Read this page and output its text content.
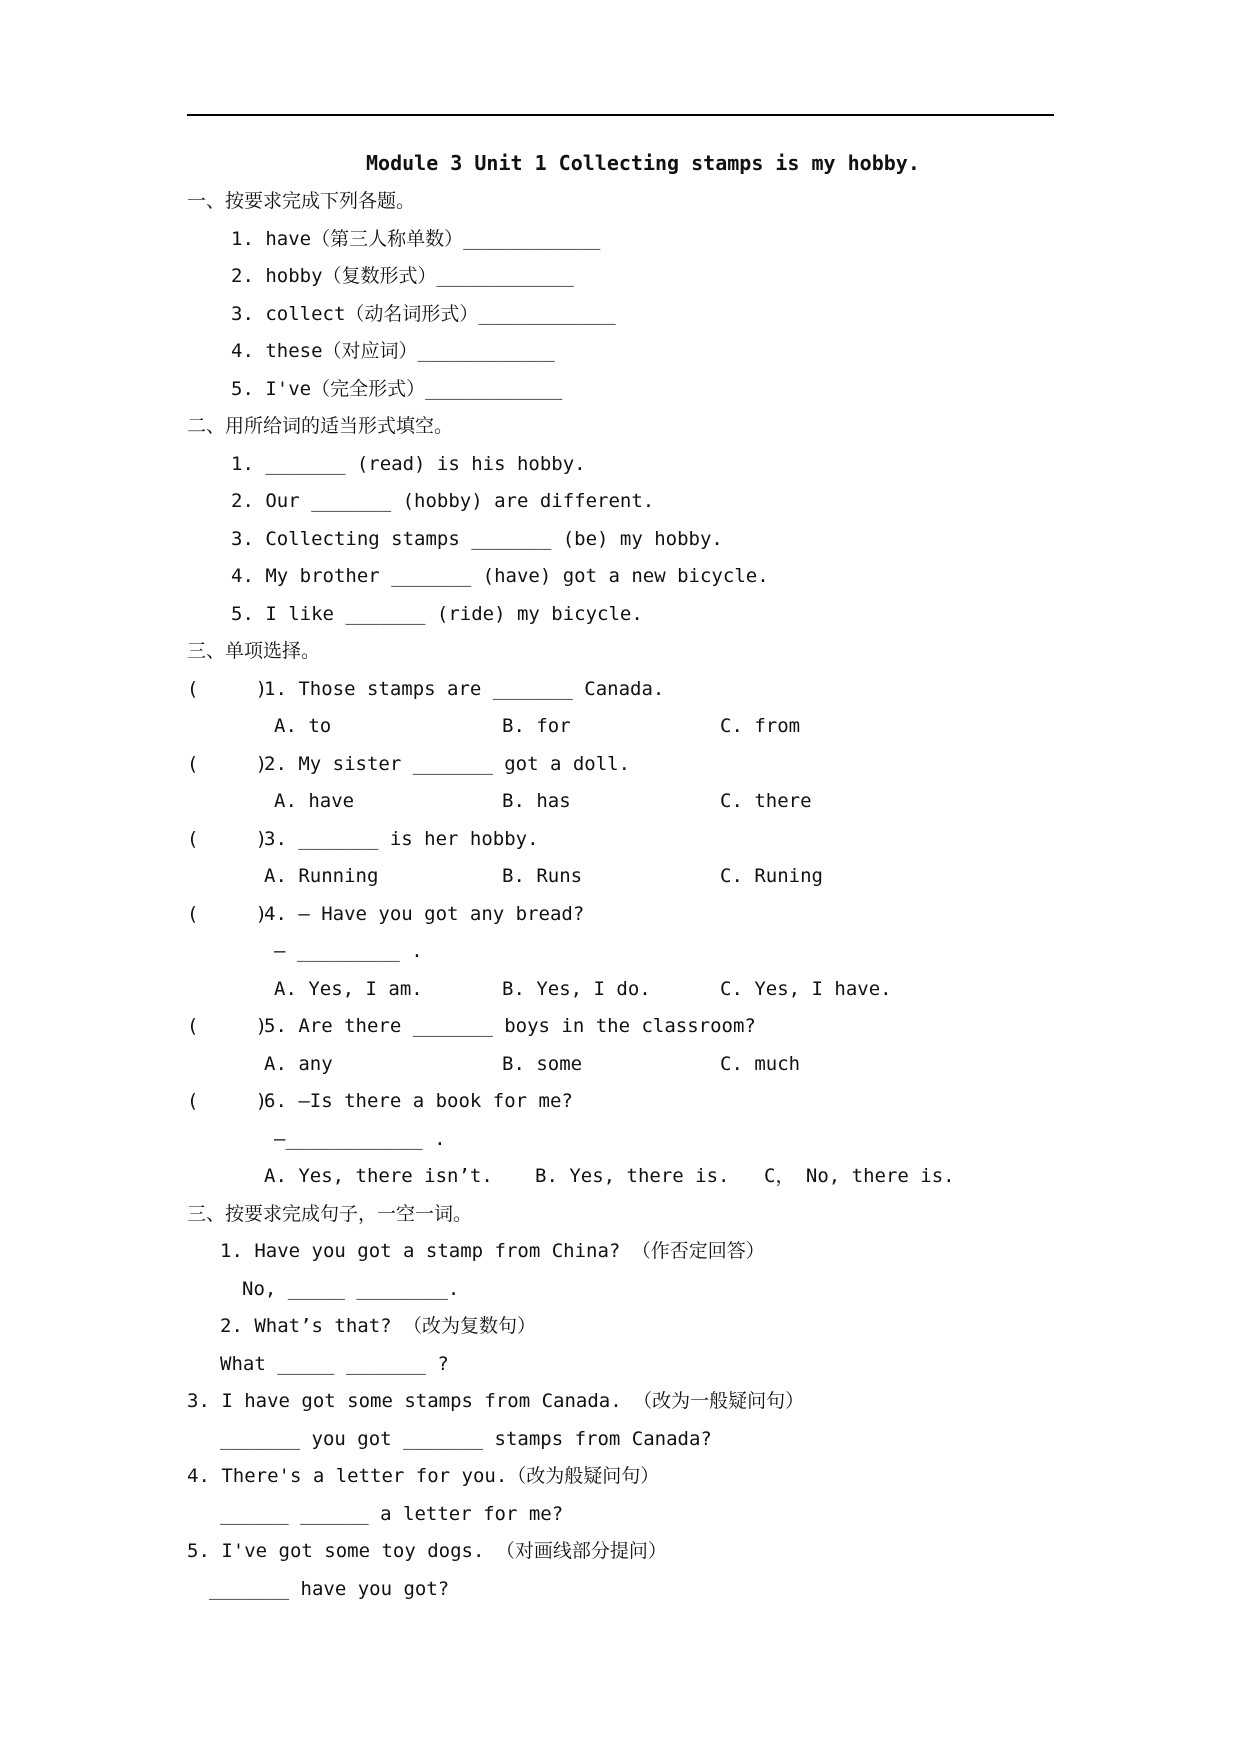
Module 3 Unit 1 Collecting stamps is my hobby.
一、按要求完成下列各题。
1. have（第三人称单数）____________
2. hobby（复数形式）____________
3. collect（动名词形式）____________
4. these（对应词）____________
5. I've（完全形式）____________
二、用所给词的适当形式填空。
1. _______ (read) is his hobby.
2. Our _______ (hobby) are different.
3. Collecting stamps _______ (be) my hobby.
4. My brother _______ (have) got a new bicycle.
5. I like _______ (ride) my bicycle.
三、单项选择。
(     )
1. Those stamps are _______ Canada.
A. to	B. for	C. from
(     )
2. My sister _______ got a doll.
A. have	B. has	C. there
(     )
3. _______ is her hobby.
A. Running	B. Runs	C. Runing
(     )
4. — Have you got any bread?
— _________ .
A. Yes, I am.	B. Yes, I do.	C. Yes, I have.
(     )
5. Are there _______ boys in the classroom?
A. any	B. some	C. much
(     )
6. —Is there a book for me?
—____________ .
A. Yes, there isn’t. B. Yes, there is. C， No, there is.
三、按要求完成句子，一空一词。
1. Have you got a stamp from China? （作否定回答）
No, _____ ________.
2. What’s that? （改为复数句）
What _____ _______ ?
3. I have got some stamps from Canada. （改为一般疑问句）
_______ you got _______ stamps from Canada?
4. There's a letter for you.（改为般疑问句）
______ ______ a letter for me?
5. I've got some toy dogs. （对画线部分提问）
_______ have you got?
